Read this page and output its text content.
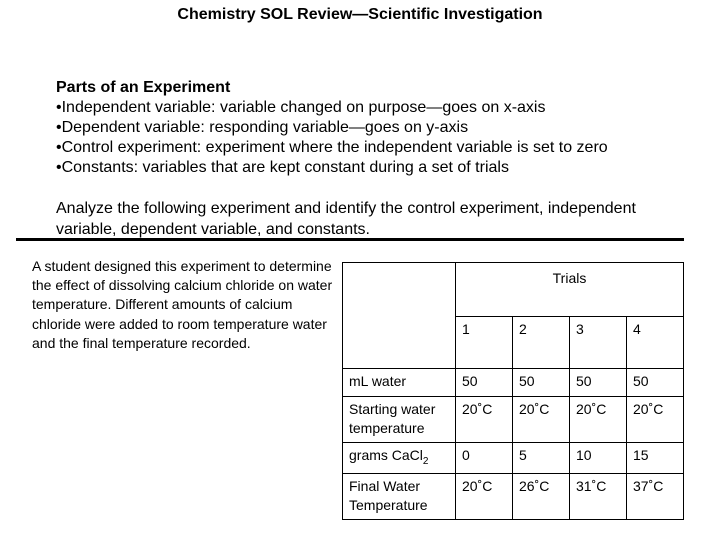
Chemistry SOL Review—Scientific Investigation
Parts of an Experiment
•Independent variable: variable changed on purpose—goes on x-axis
•Dependent variable: responding variable—goes on y-axis
•Control experiment: experiment where the independent variable is set to zero
•Constants: variables that are kept constant during a set of trials
Analyze the following experiment and identify the control experiment, independent variable, dependent variable, and constants.
A student designed this experiment to determine the effect of dissolving calcium chloride on water temperature. Different amounts of calcium chloride were added to room temperature water and the final temperature recorded.
	Trials			
	1	2	3	4
mL water	50	50	50	50
Starting water temperature	20˚C	20˚C	20˚C	20˚C
grams CaCl$_2$	0	5	10	15
Final Water Temperature	20˚C	26˚C	31˚C	37˚C
